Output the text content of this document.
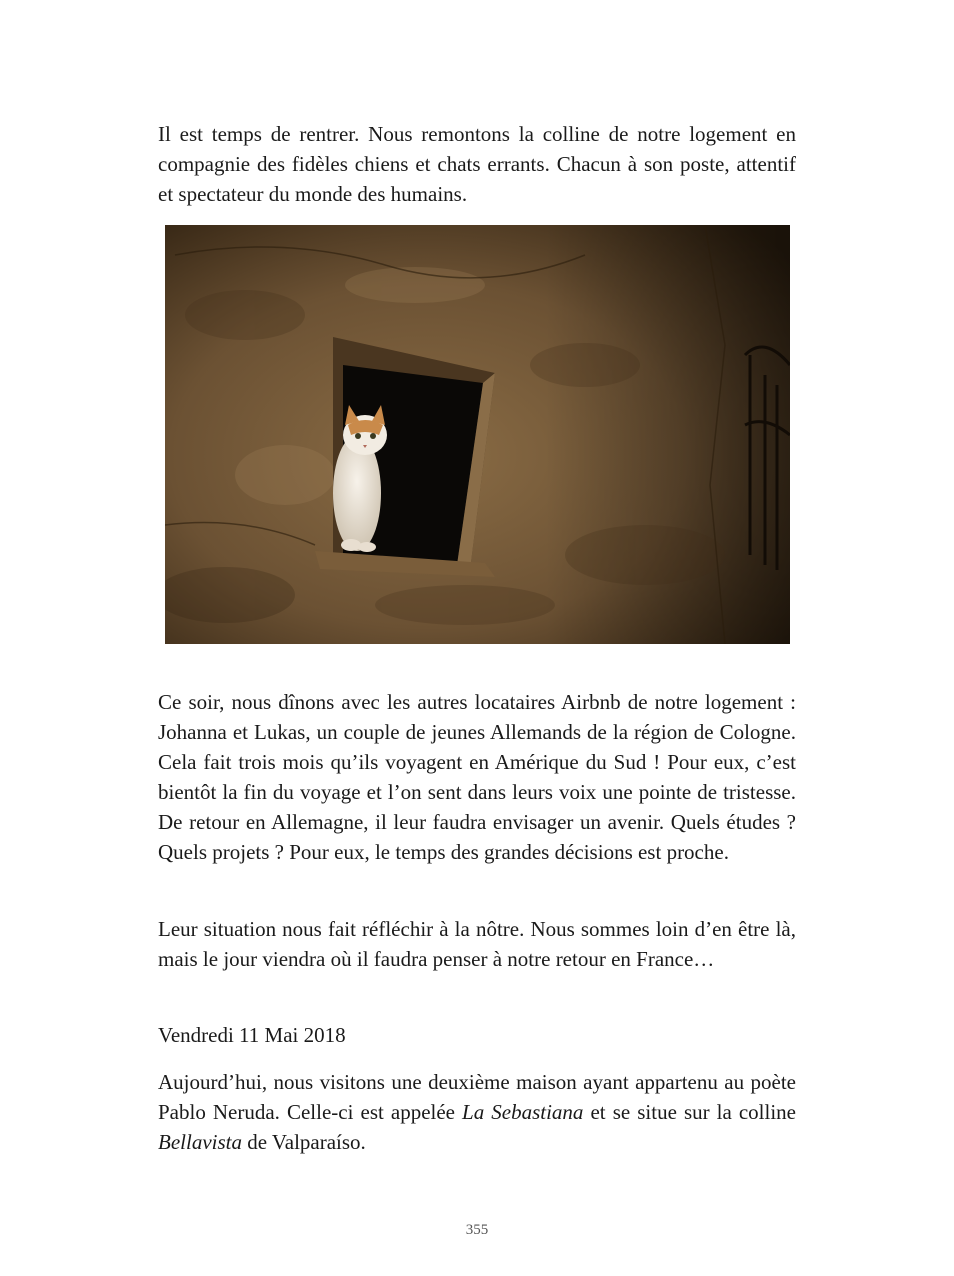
Il est temps de rentrer. Nous remontons la colline de notre logement en compagnie des fidèles chiens et chats errants. Chacun à son poste, attentif et spectateur du monde des humains.

Ce soir, nous dînons avec les autres locataires Airbnb de notre logement : Johanna et Lukas, un couple de jeunes Allemands de la région de Cologne. Cela fait trois mois qu’ils voyagent en Amérique du Sud ! Pour eux, c’est bientôt la fin du voyage et l’on sent dans leurs voix une pointe de tristesse. De retour en Allemagne, il leur faudra envisager un avenir. Quels études ? Quels projets ? Pour eux, le temps des grandes décisions est proche.

Leur situation nous fait réfléchir à la nôtre. Nous sommes loin d’en être là, mais le jour viendra où il faudra penser à notre retour en France…

Vendredi 11 Mai 2018

Aujourd’hui, nous visitons une deuxième maison ayant appartenu au poète Pablo Neruda. Celle-ci est appelée La Sebastiana et se situe sur la colline Bellavista de Valparaíso.

355
